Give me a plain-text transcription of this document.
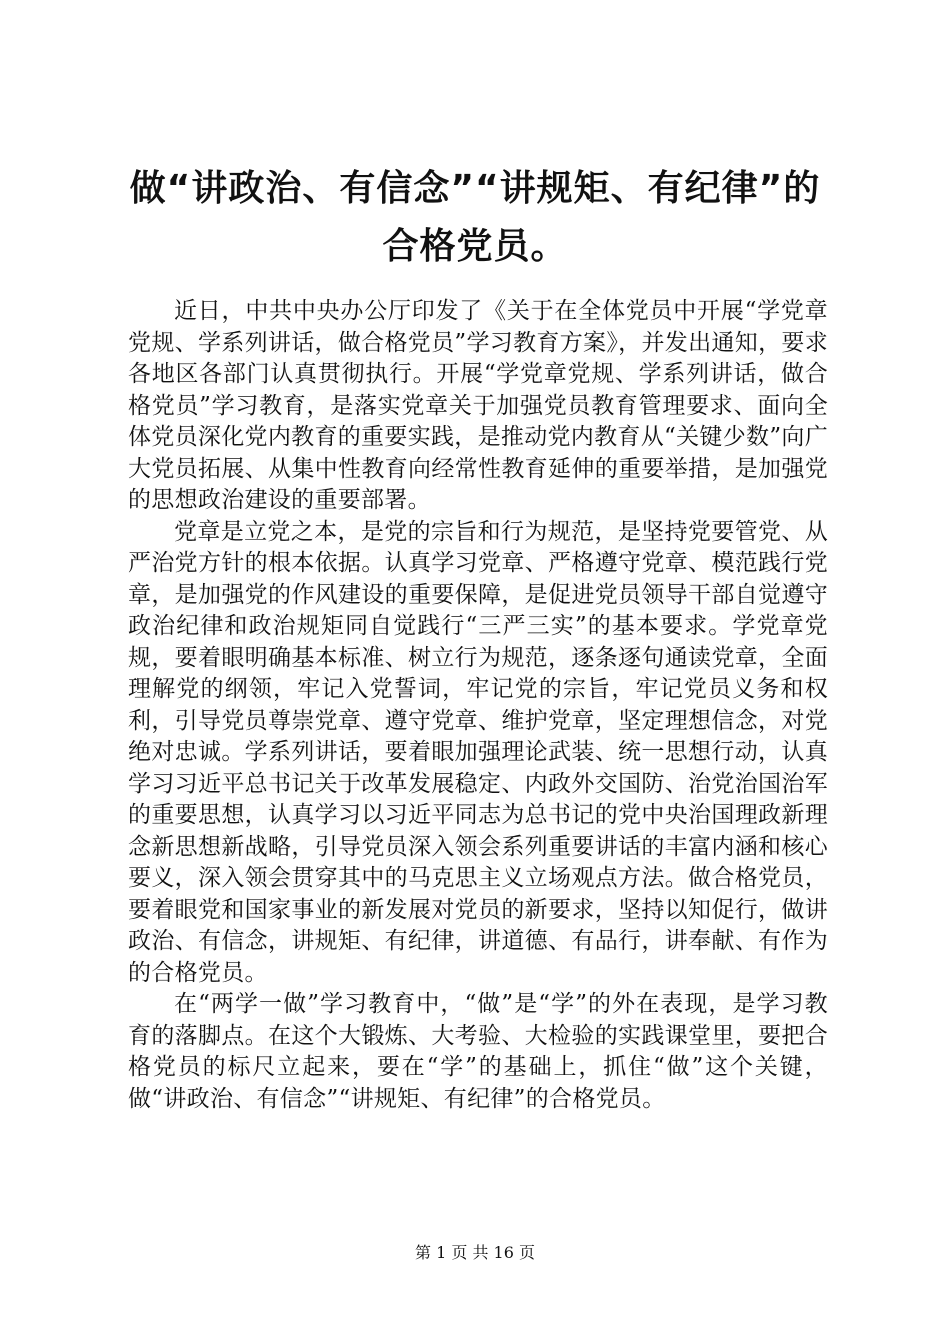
做“讲政治、有信念”“讲规矩、有纪律”的
合格党员。

近日，中共中央办公厅印发了《关于在全体党员中开展“学党章党规、学系列讲话，做合格党员”学习教育方案》，并发出通知，要求各地区各部门认真贯彻执行。开展“学党章党规、学系列讲话，做合格党员”学习教育，是落实党章关于加强党员教育管理要求、面向全体党员深化党内教育的重要实践，是推动党内教育从“关键少数”向广大党员拓展、从集中性教育向经常性教育延伸的重要举措，是加强党的思想政治建设的重要部署。

党章是立党之本，是党的宗旨和行为规范，是坚持党要管党、从严治党方针的根本依据。认真学习党章、严格遵守党章、模范践行党章，是加强党的作风建设的重要保障，是促进党员领导干部自觉遵守政治纪律和政治规矩同自觉践行“三严三实”的基本要求。学党章党规，要着眼明确基本标准、树立行为规范，逐条逐句通读党章，全面理解党的纲领，牢记入党誓词，牢记党的宗旨，牢记党员义务和权利，引导党员尊崇党章、遵守党章、维护党章，坚定理想信念，对党绝对忠诚。学系列讲话，要着眼加强理论武装、统一思想行动，认真学习习近平总书记关于改革发展稳定、内政外交国防、治党治国治军的重要思想，认真学习以习近平同志为总书记的党中央治国理政新理念新思想新战略，引导党员深入领会系列重要讲话的丰富内涵和核心要义，深入领会贯穿其中的马克思主义立场观点方法。做合格党员，要着眼党和国家事业的新发展对党员的新要求，坚持以知促行，做讲政治、有信念，讲规矩、有纪律，讲道德、有品行，讲奉献、有作为的合格党员。

在“两学一做”学习教育中，“做”是“学”的外在表现，是学习教育的落脚点。在这个大锻炼、大考验、大检验的实践课堂里，要把合格党员的标尺立起来，要在“学”的基础上，抓住“做”这个关键，做“讲政治、有信念”“讲规矩、有纪律”的合格党员。

第 1 页 共 16 页
